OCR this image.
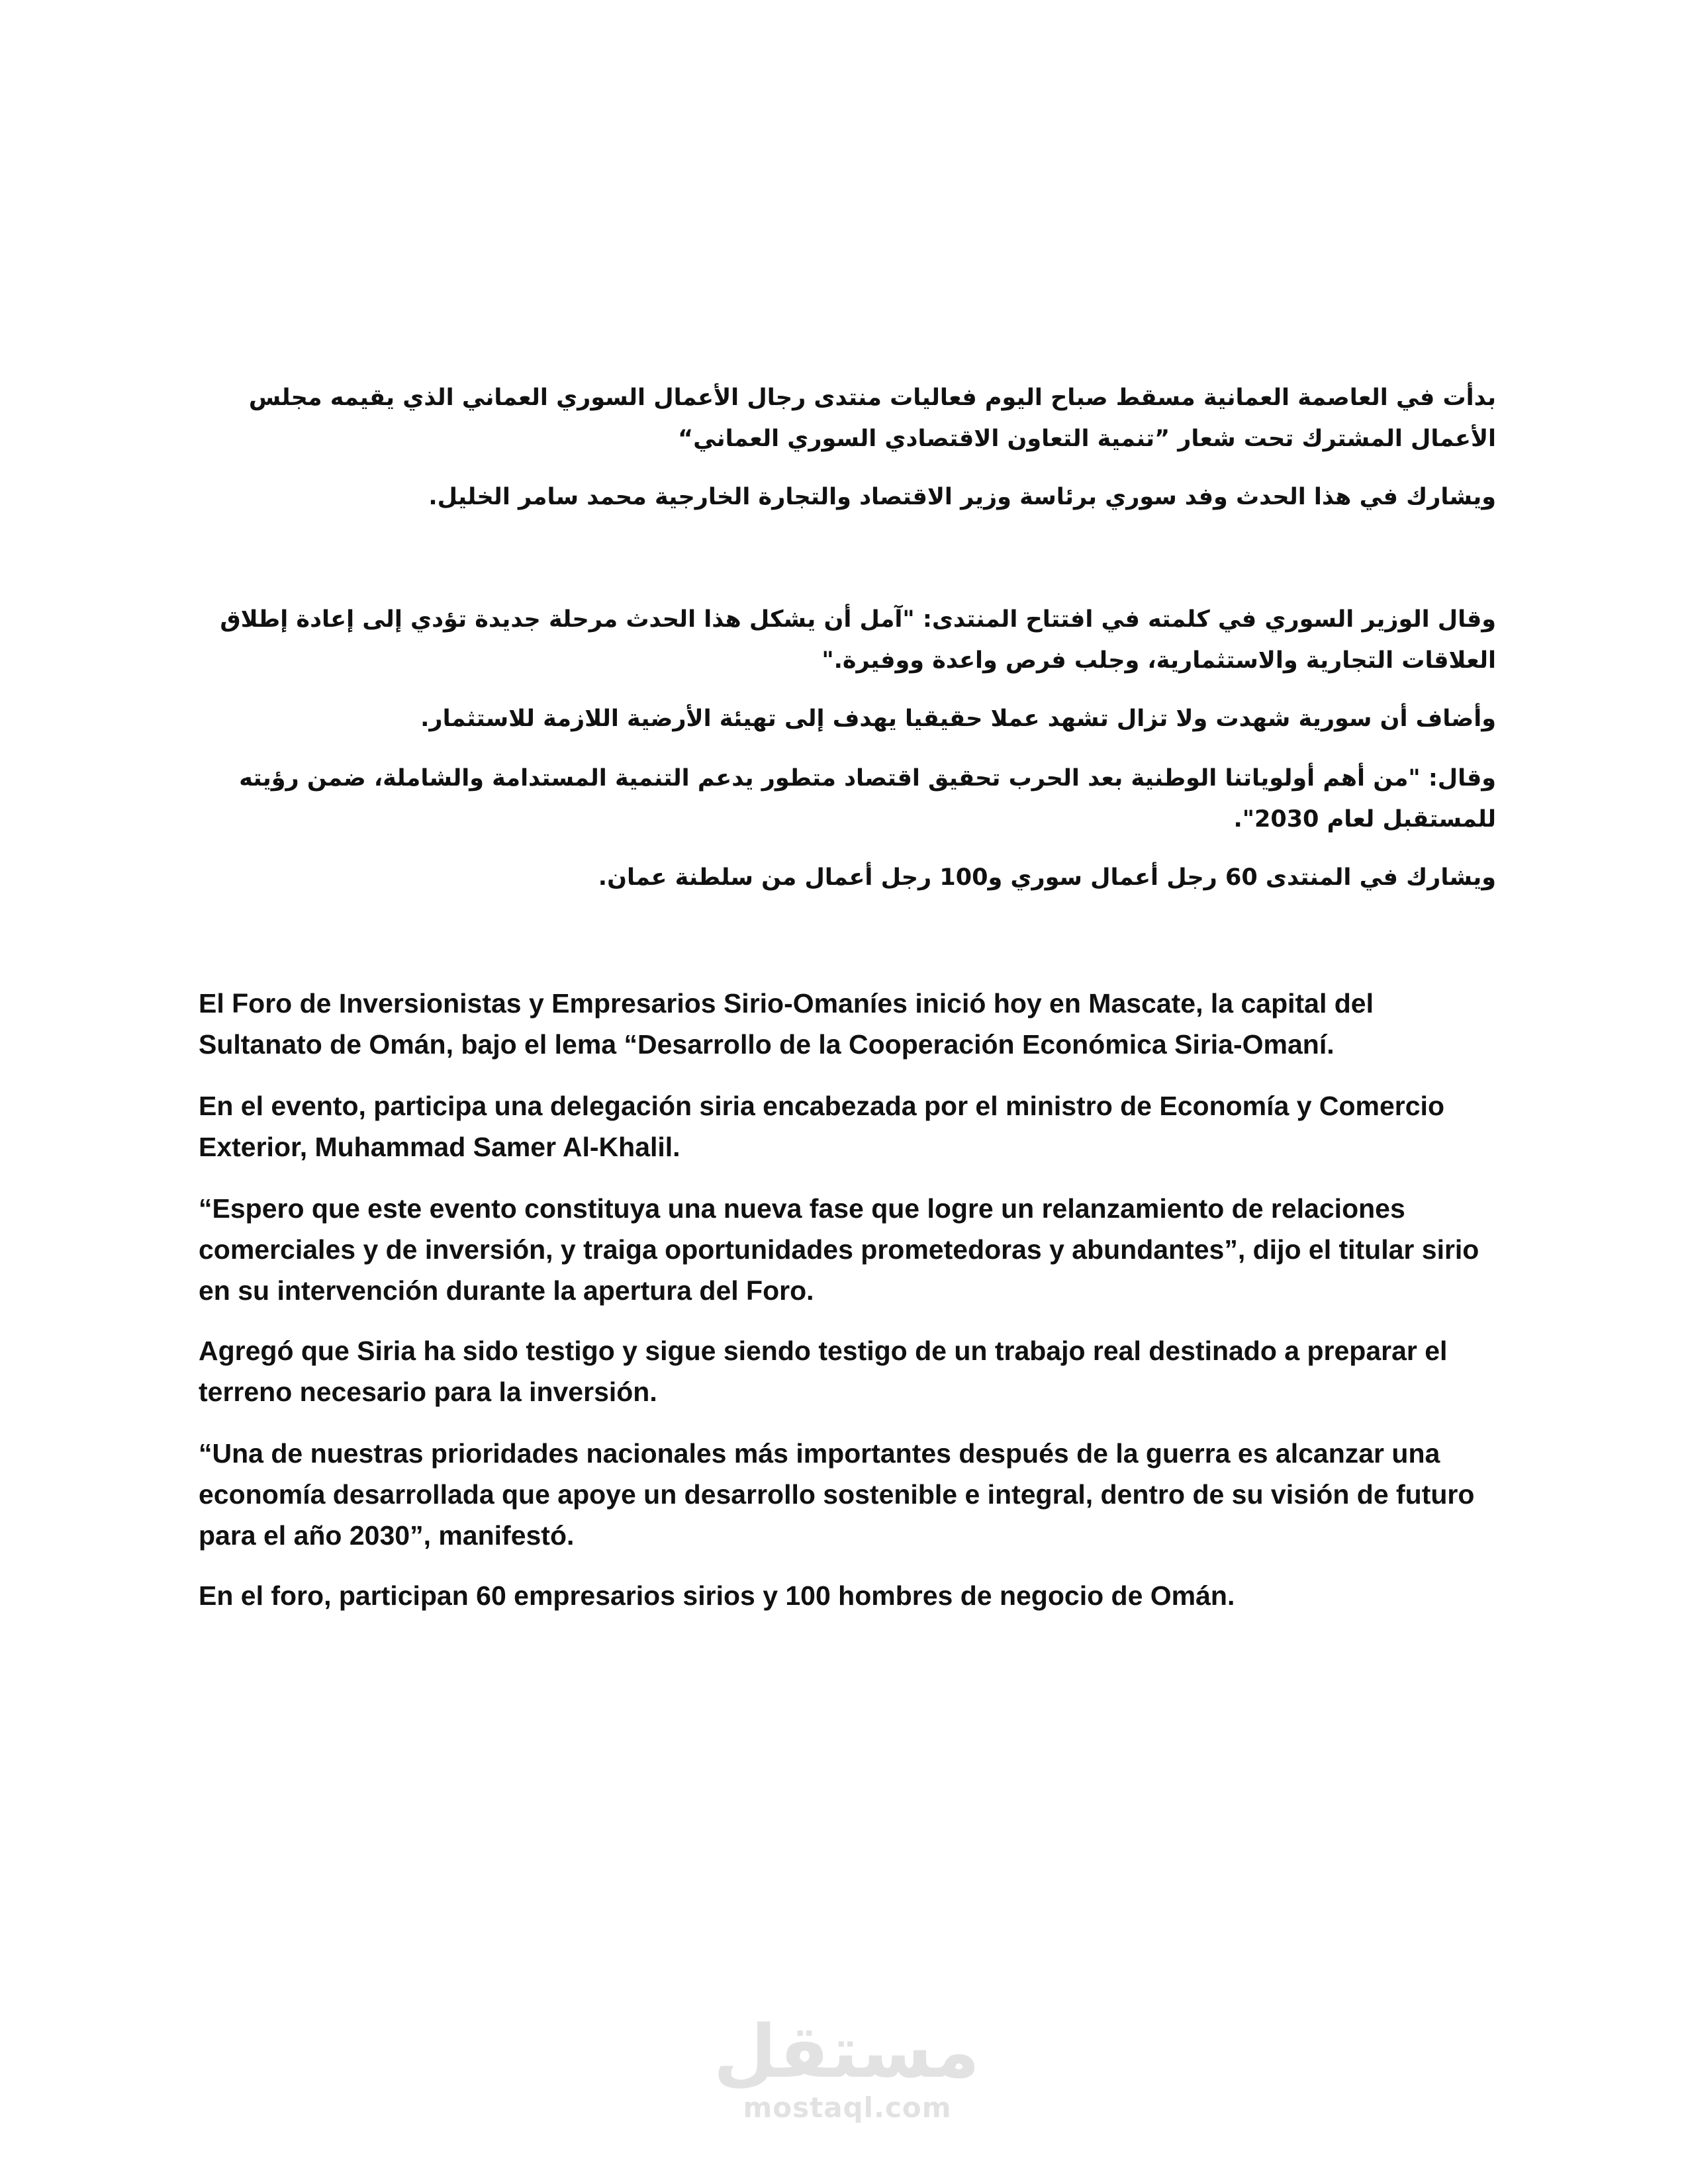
بدأت في العاصمة العمانية مسقط صباح اليوم فعاليات منتدى رجال الأعمال السوري العماني الذي يقيمه مجلس الأعمال المشترك تحت شعار ”تنمية التعاون الاقتصادي السوري العماني“

ويشارك في هذا الحدث وفد سوري برئاسة وزير الاقتصاد والتجارة الخارجية محمد سامر الخليل.

وقال الوزير السوري في كلمته في افتتاح المنتدى: "آمل أن يشكل هذا الحدث مرحلة جديدة تؤدي إلى إعادة إطلاق العلاقات التجارية والاستثمارية، وجلب فرص واعدة ووفيرة."

وأضاف أن سورية شهدت ولا تزال تشهد عملا حقيقيا يهدف إلى تهيئة الأرضية اللازمة للاستثمار.

وقال: "من أهم أولوياتنا الوطنية بعد الحرب تحقيق اقتصاد متطور يدعم التنمية المستدامة والشاملة، ضمن رؤيته للمستقبل لعام 2030".

ويشارك في المنتدى 60 رجل أعمال سوري و100 رجل أعمال من سلطنة عمان.

El Foro de Inversionistas y Empresarios Sirio-Omaníes inició hoy en Mascate, la capital del Sultanato de Omán, bajo el lema “Desarrollo de la Cooperación Económica Siria-Omaní.

En el evento, participa una delegación siria encabezada por el ministro de Economía y Comercio Exterior, Muhammad Samer Al-Khalil.

“Espero que este evento constituya una nueva fase que logre un relanzamiento de relaciones comerciales y de inversión, y traiga oportunidades prometedoras y abundantes”, dijo el titular sirio en su intervención durante la apertura del Foro.

Agregó que Siria ha sido testigo y sigue siendo testigo de un trabajo real destinado a preparar el terreno necesario para la inversión.

“Una de nuestras prioridades nacionales más importantes después de la guerra es alcanzar una economía desarrollada que apoye un desarrollo sostenible e integral, dentro de su visión de futuro para el año 2030”, manifestó.

En el foro, participan 60 empresarios sirios y 100 hombres de negocio de Omán.

مستقل
mostaql.com
